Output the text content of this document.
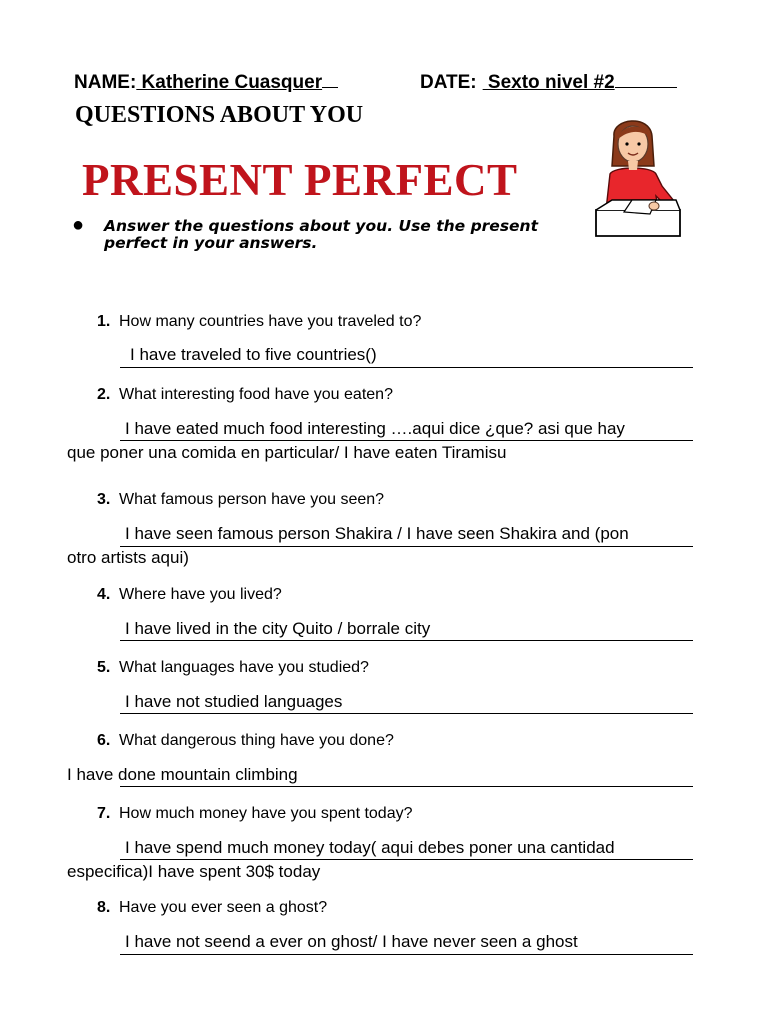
NAME: Katherine Cuasquer	DATE: Sexto nivel #2
QUESTIONS ABOUT YOU
PRESENT PERFECT
● Answer the questions about you. Use the present
perfect in your answers.
1. How many countries have you traveled to?
I have traveled to five countries()
2. What interesting food have you eaten?
I have eated much food interesting ….aqui dice ¿que? asi que hay
que poner una comida en particular/ I have eaten Tiramisu
3. What famous person have you seen?
I have seen famous person Shakira / I have seen Shakira and (pon
otro artists aqui)
4. Where have you lived?
I have lived in the city Quito / borrale city
5. What languages have you studied?
I have not studied languages
6. What dangerous thing have you done?
I have done mountain climbing
7. How much money have you spent today?
I have spend much money today( aqui debes poner una cantidad
especifica)I have spent 30$ today
8. Have you ever seen a ghost?
I have not seend a ever on ghost/ I have never seen a ghost
